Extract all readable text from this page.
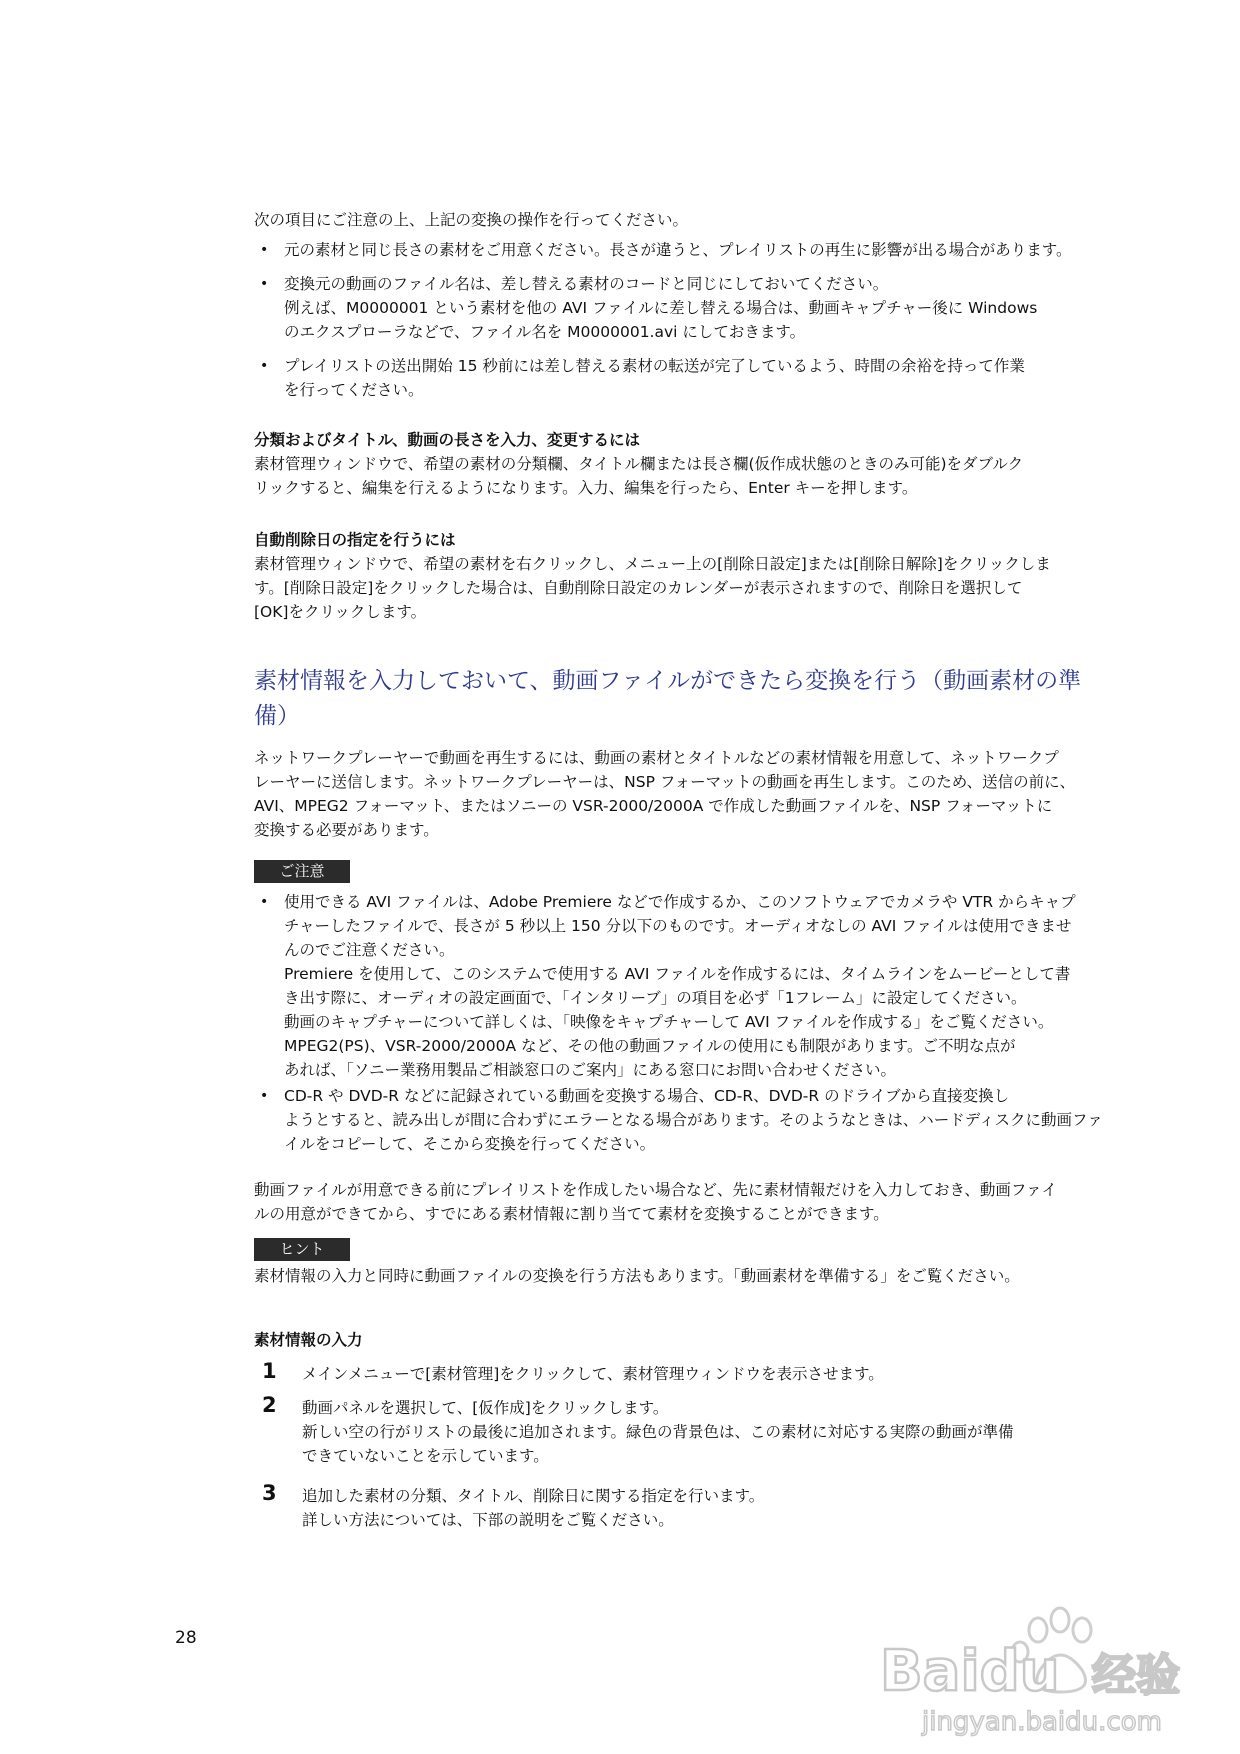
次の項目にご注意の上、上記の変換の操作を行ってください。
• 元の素材と同じ長さの素材をご用意ください。長さが違うと、プレイリストの再生に影響が出る場合があります。
• 変換元の動画のファイル名は、差し替える素材のコードと同じにしておいてください。
例えば、M0000001 という素材を他の AVI ファイルに差し替える場合は、動画キャプチャー後に Windows
のエクスプローラなどで、ファイル名を M0000001.avi にしておきます。
• プレイリストの送出開始 15 秒前には差し替える素材の転送が完了しているよう、時間の余裕を持って作業
を行ってください。
分類およびタイトル、動画の長さを入力、変更するには
素材管理ウィンドウで、希望の素材の分類欄、タイトル欄または長さ欄(仮作成状態のときのみ可能)をダブルク
リックすると、編集を行えるようになります。入力、編集を行ったら、Enter キーを押します。
自動削除日の指定を行うには
素材管理ウィンドウで、希望の素材を右クリックし、メニュー上の[削除日設定]または[削除日解除]をクリックしま
す。[削除日設定]をクリックした場合は、自動削除日設定のカレンダーが表示されますので、削除日を選択して
[OK]をクリックします。
素材情報を入力しておいて、動画ファイルができたら変換を行う（動画素材の準
備）
ネットワークプレーヤーで動画を再生するには、動画の素材とタイトルなどの素材情報を用意して、ネットワークプ
レーヤーに送信します。ネットワークプレーヤーは、NSP フォーマットの動画を再生します。このため、送信の前に、
AVI、MPEG2 フォーマット、またはソニーの VSR-2000/2000A で作成した動画ファイルを、NSP フォーマットに
変換する必要があります。
ご注意
• 使用できる AVI ファイルは、Adobe Premiere などで作成するか、このソフトウェアでカメラや VTR からキャプ
チャーしたファイルで、長さが 5 秒以上 150 分以下のものです。オーディオなしの AVI ファイルは使用できませ
んのでご注意ください。
Premiere を使用して、このシステムで使用する AVI ファイルを作成するには、タイムラインをムービーとして書
き出す際に、オーディオの設定画面で、「インタリーブ」の項目を必ず「1フレーム」に設定してください。
動画のキャプチャーについて詳しくは、「映像をキャプチャーして AVI ファイルを作成する」をご覧ください。
MPEG2(PS)、VSR-2000/2000A など、その他の動画ファイルの使用にも制限があります。ご不明な点が
あれば、「ソニー業務用製品ご相談窓口のご案内」にある窓口にお問い合わせください。
• CD-R や DVD-R などに記録されている動画を変換する場合、CD-R、DVD-R のドライブから直接変換し
ようとすると、読み出しが間に合わずにエラーとなる場合があります。そのようなときは、ハードディスクに動画ファ
イルをコピーして、そこから変換を行ってください。
動画ファイルが用意できる前にプレイリストを作成したい場合など、先に素材情報だけを入力しておき、動画ファイ
ルの用意ができてから、すでにある素材情報に割り当てて素材を変換することができます。
ヒント
素材情報の入力と同時に動画ファイルの変換を行う方法もあります。「動画素材を準備する」をご覧ください。
素材情報の入力
1 メインメニューで[素材管理]をクリックして、素材管理ウィンドウを表示させます。
2 動画パネルを選択して、[仮作成]をクリックします。
新しい空の行がリストの最後に追加されます。緑色の背景色は、この素材に対応する実際の動画が準備
できていないことを示しています。
3 追加した素材の分類、タイトル、削除日に関する指定を行います。
詳しい方法については、下部の説明をご覧ください。
28
Baidu 经验
jingyan.baidu.com
